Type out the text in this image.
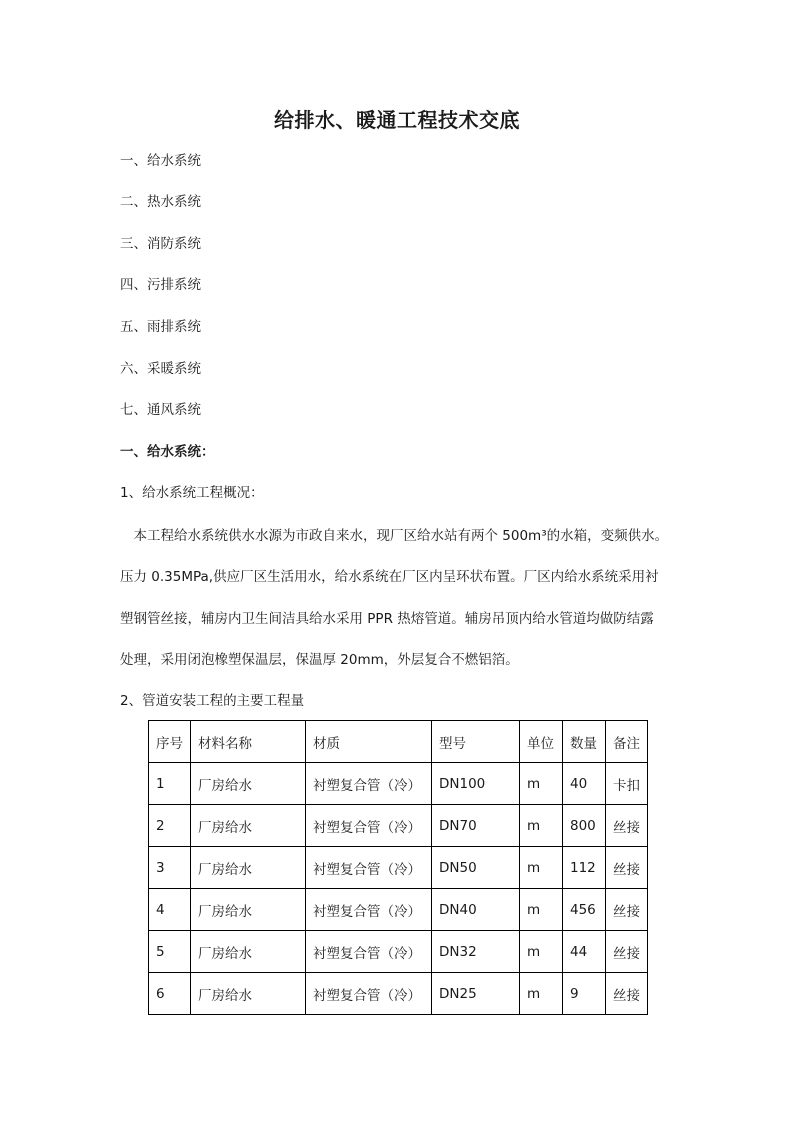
给排水、暖通工程技术交底
一、给水系统
二、热水系统
三、消防系统
四、污排系统
五、雨排系统
六、采暖系统
七、通风系统
一、给水系统：
1、给水系统工程概况：
　本工程给水系统供水水源为市政自来水，现厂区给水站有两个 500m³的水箱，变频供水。
压力 0.35MPa,供应厂区生活用水，给水系统在厂区内呈环状布置。厂区内给水系统采用衬
塑钢管丝接，辅房内卫生间洁具给水采用 PPR 热熔管道。辅房吊顶内给水管道均做防结露
处理，采用闭泡橡塑保温层，保温厚 20mm，外层复合不燃铝箔。
2、管道安装工程的主要工程量
序号	材料名称	材质	型号	单位	数量	备注
1	厂房给水	衬塑复合管（冷）	DN100	m	40	卡扣
2	厂房给水	衬塑复合管（冷）	DN70	m	800	丝接
3	厂房给水	衬塑复合管（冷）	DN50	m	112	丝接
4	厂房给水	衬塑复合管（冷）	DN40	m	456	丝接
5	厂房给水	衬塑复合管（冷）	DN32	m	44	丝接
6	厂房给水	衬塑复合管（冷）	DN25	m	9	丝接
